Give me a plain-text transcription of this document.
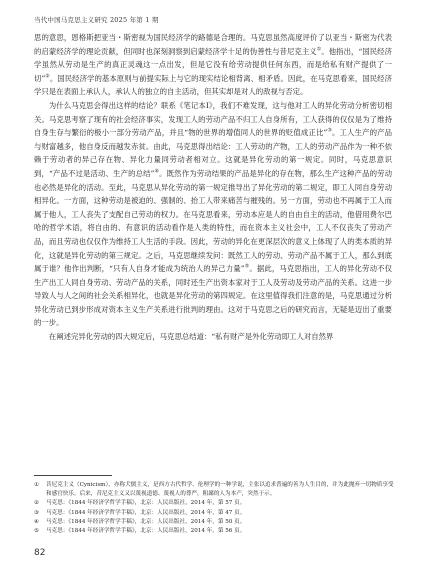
当代中国马克思主义研究 2025 年第 1 期

思的意思，恩格斯把亚当・斯密视为国民经济学的路德是合理的。马克思虽然高度评价了以亚当・斯密为代表的启蒙经济学的理论贡献，但同时也深刻洞察到启蒙经济学十足的伪善性与昔尼克主义①。他指出，“国民经济学虽然从劳动是生产的真正灵魂这一点出发，但是它没有给劳动提供任何东西，而是给私有财产提供了一切”②。国民经济学的基本原则与前提实际上与它的现实结论相背离、相矛盾。因此，在马克思看来，国民经济学只是在表面上承认人，承认人的独立的自主活动，但其实却是对人的敌视与否定。

为什么马克思会得出这样的结论？联系《笔记本Ⅰ》，我们不难发现，这与他对工人的异化劳动分析密切相关。马克思考察了现有的社会经济事实，发现工人的劳动产品不归工人自身所有，工人获得的仅仅是为了维持自身生存与繁衍的极小一部分劳动产品，并且“物的世界的增值同人的世界的贬值成正比”③。工人生产的产品与财富越多，他自身反而越发赤贫。由此，马克思得出结论：工人劳动的产物，工人的劳动产品作为一种不依赖于劳动者的异己存在物、异化力量同劳动者相对立。这就是异化劳动的第一规定。同时，马克思意识到，“产品不过是活动、生产的总结”④。既然作为劳动结果的产品是异化的存在物，那么生产这种产品的劳动也必然是异化的活动。至此，马克思从异化劳动的第一规定推导出了异化劳动的第二规定，即工人同自身劳动相异化。一方面，这种劳动是被迫的、强制的、抬工人带来痛苦与摧残的。另一方面，劳动也不再属于工人而属于他人，工人丧失了支配自己劳动的权力。在马克思看来，劳动本应是人的自由自主的活动，他借用费尔巴哈的哲学术语，将自由的、有意识的活动看作是人类的特性，而在资本主义社会中，工人不仅丧失了劳动产品，而且劳动也仅仅作为维持工人生活的手段。因此，劳动的异化在更深层次的意义上体现了人的类本质的异化，这就是异化劳动的第三规定。之后，马克思继续发问：既然工人的劳动、劳动产品不属于工人，那么到底属于谁？他作出判断，“只有人自身才能成为统治人的异己力量”⑤。据此，马克思指出，工人的异化劳动不仅生产出工人同自身劳动、劳动产品的关系，同时还生产出资本家对于工人及劳动及劳动产品的关系。这进一步导致人与人之间的社会关系相异化，也就是异化劳动的第四规定。在这里值得我们注意的是，马克思通过分析异化劳动已到步形成对资本主义生产关系进行批判的理由。这对于马克思之后的研究而言，无疑是迈出了重要的一步。

在阐述完异化劳动的四大规定后，马克思总结道：“私有财产是外化劳动即工人对自然界

①	昔尼克主义（Cynicism），亦称犬儒主义，是西方古代哲学、伦理学的一种学说，主张以追求普遍的善为人生目的，并为此抛弃一切物质享受和感官快乐。后来，昔尼克主义又以蔑视道德、蔑视人的尊严，粗鄙的人为本产，突然于示。
②	马克思：《1844 年经济学哲学手稿》，北京：人民出版社，2014 年，第 57 页。
③	马克思：《1844 年经济学哲学手稿》，北京：人民出版社，2014 年，第 47 页。
④	马克思：《1844 年经济学哲学手稿》，北京：人民出版社，2014 年，第 50 页。
⑤	马克思：《1844 年经济学哲学手稿》，北京：人民出版社，2014 年，第 56 页。
82
